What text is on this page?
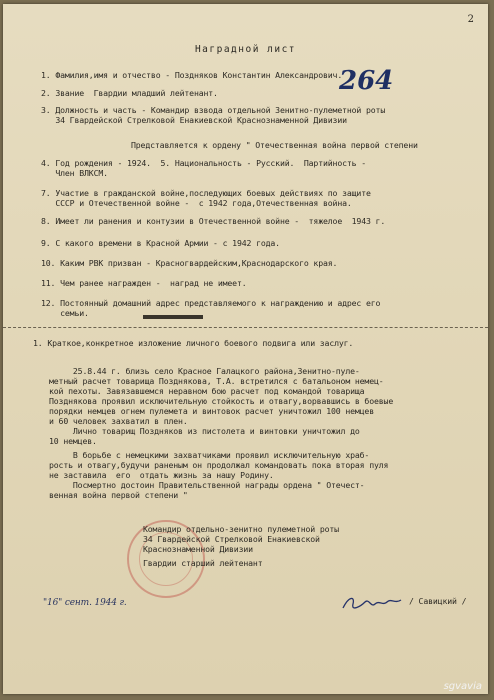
2
Наградной лист
264
1. Фамилия,имя и отчество - Поздняков Константин Александрович.
2. Звание  Гвардии младший лейтенант.
3. Должность и часть - Командир взвода отдельной Зенитно-пулеметной роты
34 Гвардейской Стрелковой Енакиевской Краснознаменной Дивизии
Представляется к ордену " Отечественная война первой степени
4. Год рождения - 1924.  5. Национальность - Русский.  Партийность -
Член ВЛКСМ.
7. Участие в гражданской войне,последующих боевых действиях по защите
СССР и Отечественной войне -  с 1942 года,Отечественная война.
8. Имеет ли ранения и контузии в Отечественной войне -  тяжелое  1943 г.
9. С какого времени в Красной Армии - с 1942 года.
10. Каким РВК призван - Красногвардейским,Краснодарского края.
11. Чем ранее награжден -  наград не имеет.
12. Постоянный домашний адрес представляемого к награждению и адрес его
семьи.
1. Краткое,конкретное изложение личного боевого подвига или заслуг.
25.8.44 г. близь село Красное Галацкого района,Зенитно-пуле-
метный расчет товарища Позднякова, Т.А. встретился с батальоном немец-
кой пехоты. Завязавшемся неравном бою расчет под командой товарища
Позднякова проявил исключительную стойкость и отвагу,ворвавшись в боевые
порядки немцев огнем пулемета и винтовок расчет уничтожил 100 немцев
и 60 человек захватил в плен.
Лично товарищ Поздняков из пистолета и винтовки уничтожил до
10 немцев.
В борьбе с немецкими захватчиками проявил исключительную храб-
рость и отвагу,будучи раненым он продолжал командовать пока вторая пуля
не заставила  его  отдать жизнь за нашу Родину.
Посмертно достоин Правительственной награды ордена " Отечест-
венная война первой степени "
Командир отдельно-зенитно пулеметной роты
34 Гвардейской Стрелковой Енакиевской
Краснознаменной Дивизии
Гвардии старший лейтенант
/ Савицкий /
"16" сент. 1944 г.
sgvavia
